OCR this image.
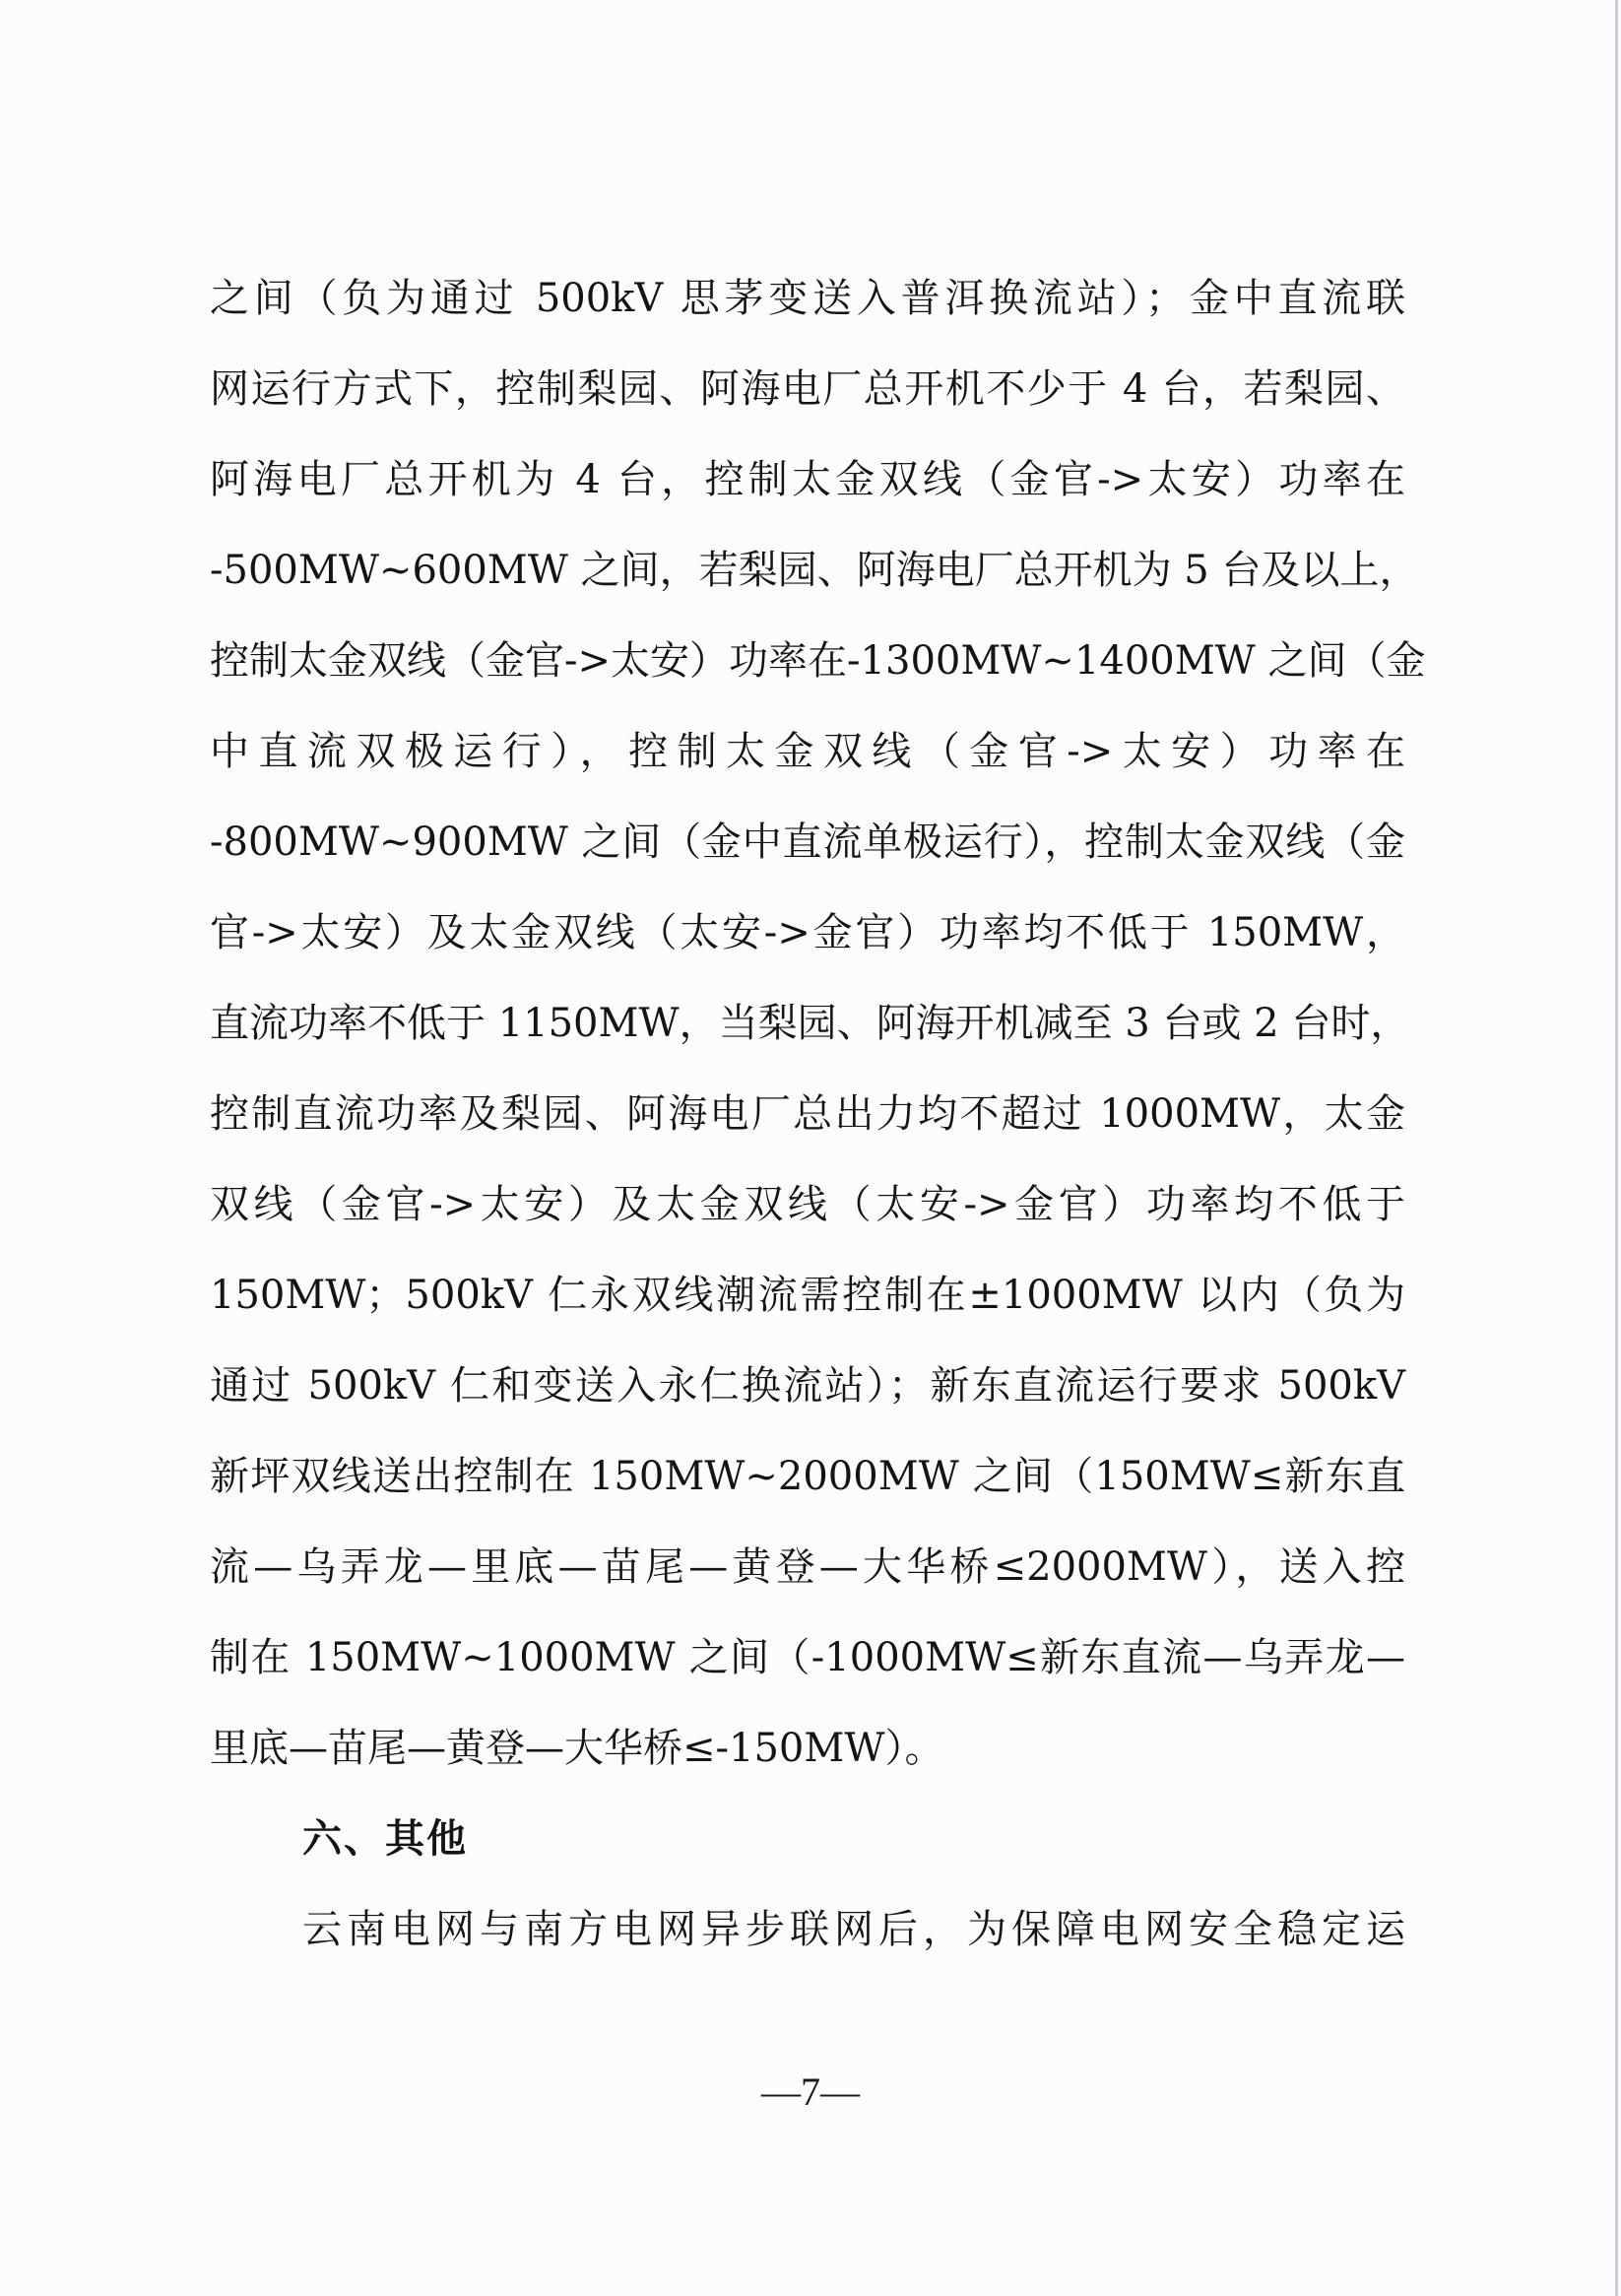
之间（负为通过 500kV 思茅变送入普洱换流站）；金中直流联
网运行方式下，控制梨园、阿海电厂总开机不少于 4 台，若梨园、
阿海电厂总开机为 4 台，控制太金双线（金官->太安）功率在
-500MW~600MW 之间，若梨园、阿海电厂总开机为 5 台及以上，
控制太金双线（金官->太安）功率在-1300MW~1400MW 之间（金
中直流双极运行），控制太金双线（金官->太安）功率在
-800MW~900MW 之间（金中直流单极运行），控制太金双线（金
官->太安）及太金双线（太安->金官）功率均不低于 150MW，
直流功率不低于 1150MW，当梨园、阿海开机减至 3 台或 2 台时，
控制直流功率及梨园、阿海电厂总出力均不超过 1000MW，太金
双线（金官->太安）及太金双线（太安->金官）功率均不低于
150MW；500kV 仁永双线潮流需控制在±1000MW 以内（负为
通过 500kV 仁和变送入永仁换流站）；新东直流运行要求 500kV
新坪双线送出控制在 150MW~2000MW 之间（150MW≤新东直
流—乌弄龙—里底—苗尾—黄登—大华桥≤2000MW），送入控
制在 150MW~1000MW 之间（-1000MW≤新东直流—乌弄龙—
里底—苗尾—黄登—大华桥≤-150MW）。
六、其他
云南电网与南方电网异步联网后，为保障电网安全稳定运
—7—
